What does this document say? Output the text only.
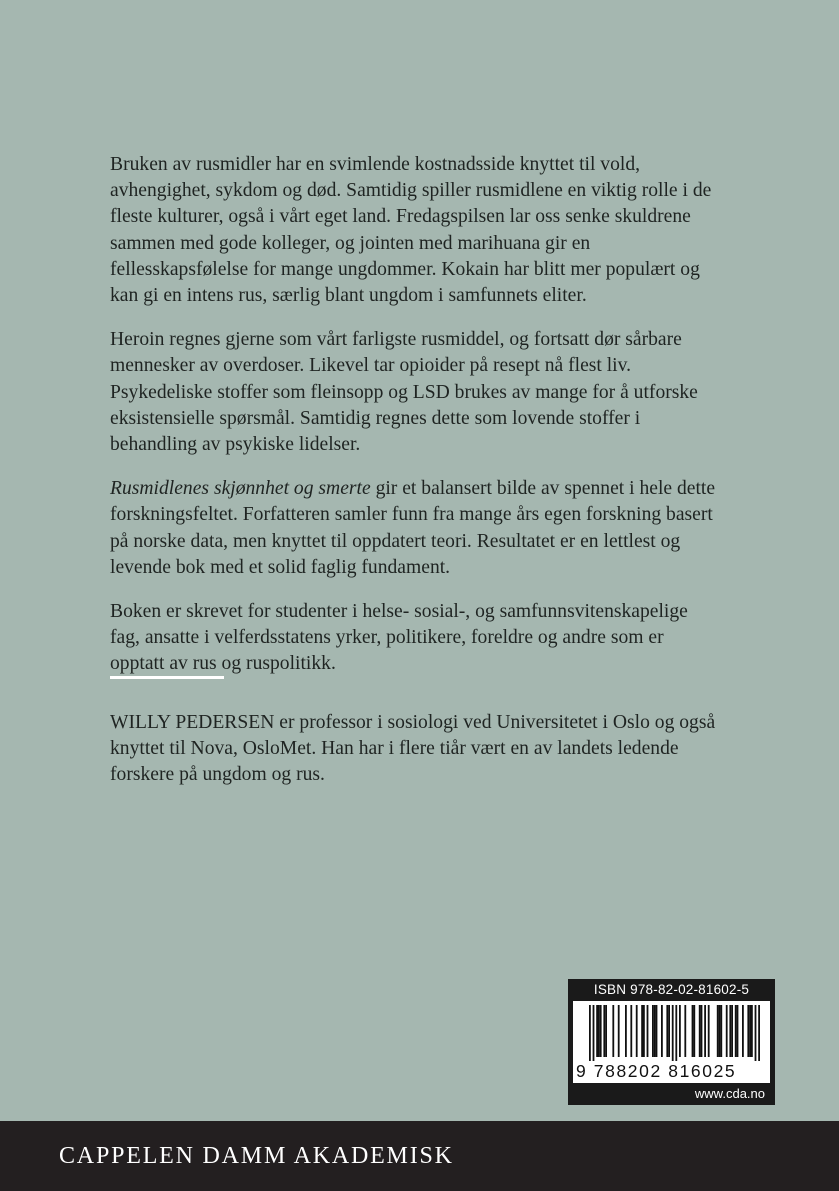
Bruken av rusmidler har en svimlende kostnadsside knyttet til vold, avhengighet, sykdom og død. Samtidig spiller rusmidlene en viktig rolle i de fleste kulturer, også i vårt eget land. Fredagspilsen lar oss senke skuldrene sammen med gode kolleger, og jointen med marihuana gir en fellesskapsfølelse for mange ungdommer. Kokain har blitt mer populært og kan gi en intens rus, særlig blant ungdom i samfunnets eliter.

Heroin regnes gjerne som vårt farligste rusmiddel, og fortsatt dør sårbare mennesker av overdoser. Likevel tar opioider på resept nå flest liv. Psykedeliske stoffer som fleinsopp og LSD brukes av mange for å utforske eksistensielle spørsmål. Samtidig regnes dette som lovende stoffer i behandling av psykiske lidelser.

Rusmidlenes skjønnhet og smerte gir et balansert bilde av spennet i hele dette forskningsfeltet. Forfatteren samler funn fra mange års egen forskning basert på norske data, men knyttet til oppdatert teori. Resultatet er en lettlest og levende bok med et solid faglig fundament.

Boken er skrevet for studenter i helse- sosial-, og samfunnsvitenskapelige fag, ansatte i velferdsstatens yrker, politikere, foreldre og andre som er opptatt av rus og ruspolitikk.

WILLY PEDERSEN er professor i sosiologi ved Universitetet i Oslo og også knyttet til Nova, OsloMet. Han har i flere tiår vært en av landets ledende forskere på ungdom og rus.

ISBN 978-82-02-81602-5
9 788202 816025
www.cda.no
CAPPELEN DAMM AKADEMISK
